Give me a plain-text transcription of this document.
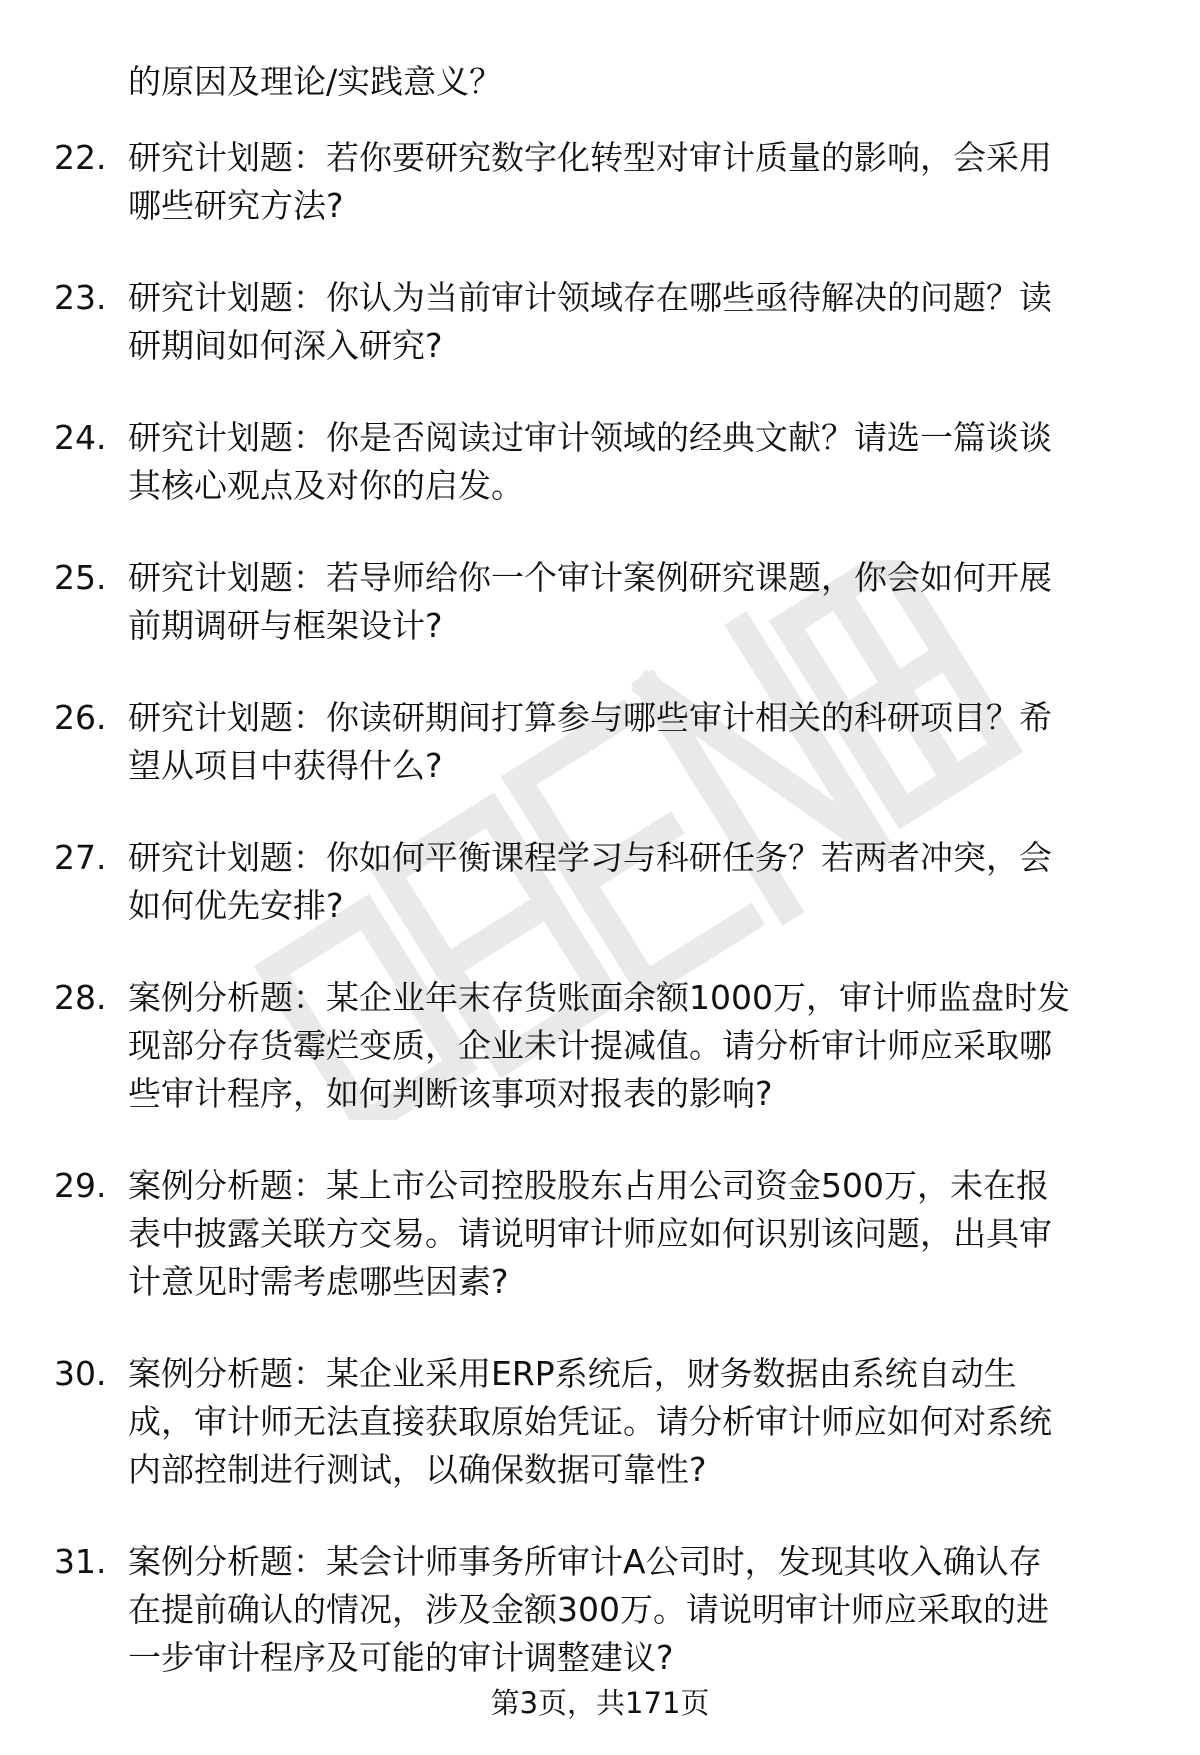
的原因及理论/实践意义？
22. 研究计划题：若你要研究数字化转型对审计质量的影响，会采用
哪些研究方法?
23. 研究计划题：你认为当前审计领域存在哪些亟待解决的问题？读
研期间如何深入研究?
24. 研究计划题：你是否阅读过审计领域的经典文献？请选一篇谈谈
其核心观点及对你的启发。
25. 研究计划题：若导师给你一个审计案例研究课题，你会如何开展
前期调研与框架设计?
26. 研究计划题：你读研期间打算参与哪些审计相关的科研项目？希
望从项目中获得什么?
27. 研究计划题：你如何平衡课程学习与科研任务？若两者冲突，会
如何优先安排?
28. 案例分析题：某企业年末存货账面余额1000万，审计师监盘时发
现部分存货霉烂变质，企业未计提减值。请分析审计师应采取哪
些审计程序，如何判断该事项对报表的影响?
29. 案例分析题：某上市公司控股股东占用公司资金500万，未在报
表中披露关联方交易。请说明审计师应如何识别该问题，出具审
计意见时需考虑哪些因素?
30. 案例分析题：某企业采用ERP系统后，财务数据由系统自动生
成，审计师无法直接获取原始凭证。请分析审计师应如何对系统
内部控制进行测试，以确保数据可靠性?
31. 案例分析题：某会计师事务所审计A公司时，发现其收入确认存
在提前确认的情况，涉及金额300万。请说明审计师应采取的进
一步审计程序及可能的审计调整建议?
第3页，共171页
